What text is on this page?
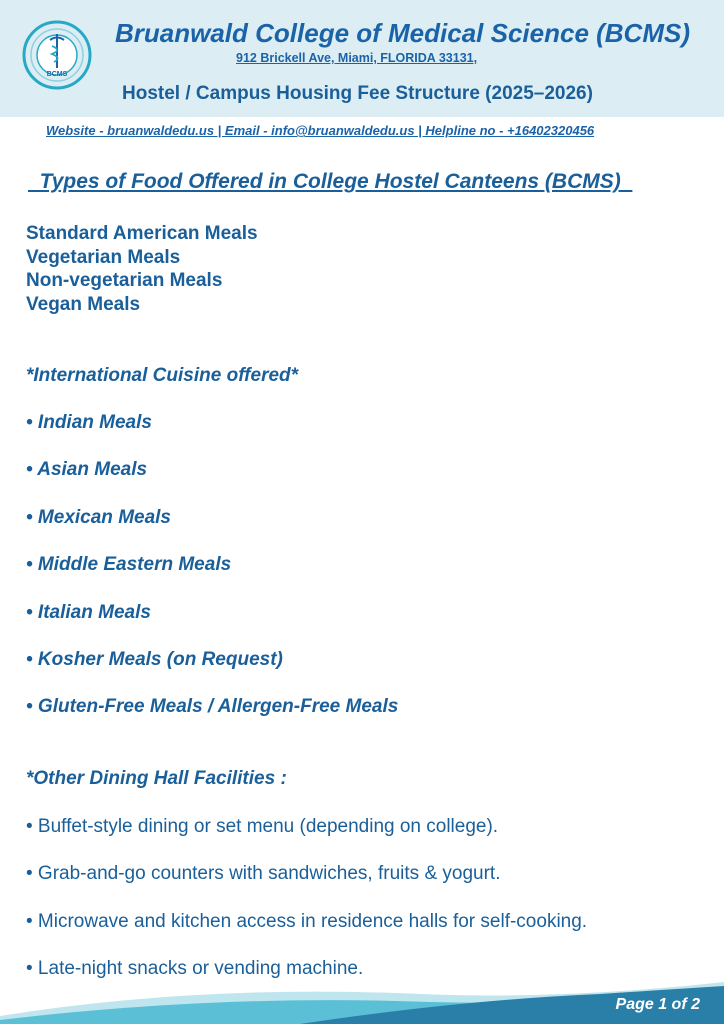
BCMS
Bruanwald College of Medical Science (BCMS)
912 Brickell Ave, Miami, FLORIDA 33131,
Hostel / Campus Housing Fee Structure (2025–2026)
Website - bruanwaldedu.us | Email - info@bruanwaldedu.us | Helpline no - +16402320456
Types of Food Offered in College Hostel Canteens (BCMS)
Standard American Meals
Vegetarian Meals
Non-vegetarian Meals
Vegan Meals
*International Cuisine offered*
• Indian Meals
• Asian Meals
• Mexican Meals
• Middle Eastern Meals
• Italian Meals
• Kosher Meals (on Request)
• Gluten-Free Meals / Allergen-Free Meals
*Other Dining Hall Facilities :
• Buffet-style dining or set menu (depending on college).
• Grab-and-go counters with sandwiches, fruits & yogurt.
• Microwave and kitchen access in residence halls for self-cooking.
• Late-night snacks or vending machine.
Page 1 of 2
